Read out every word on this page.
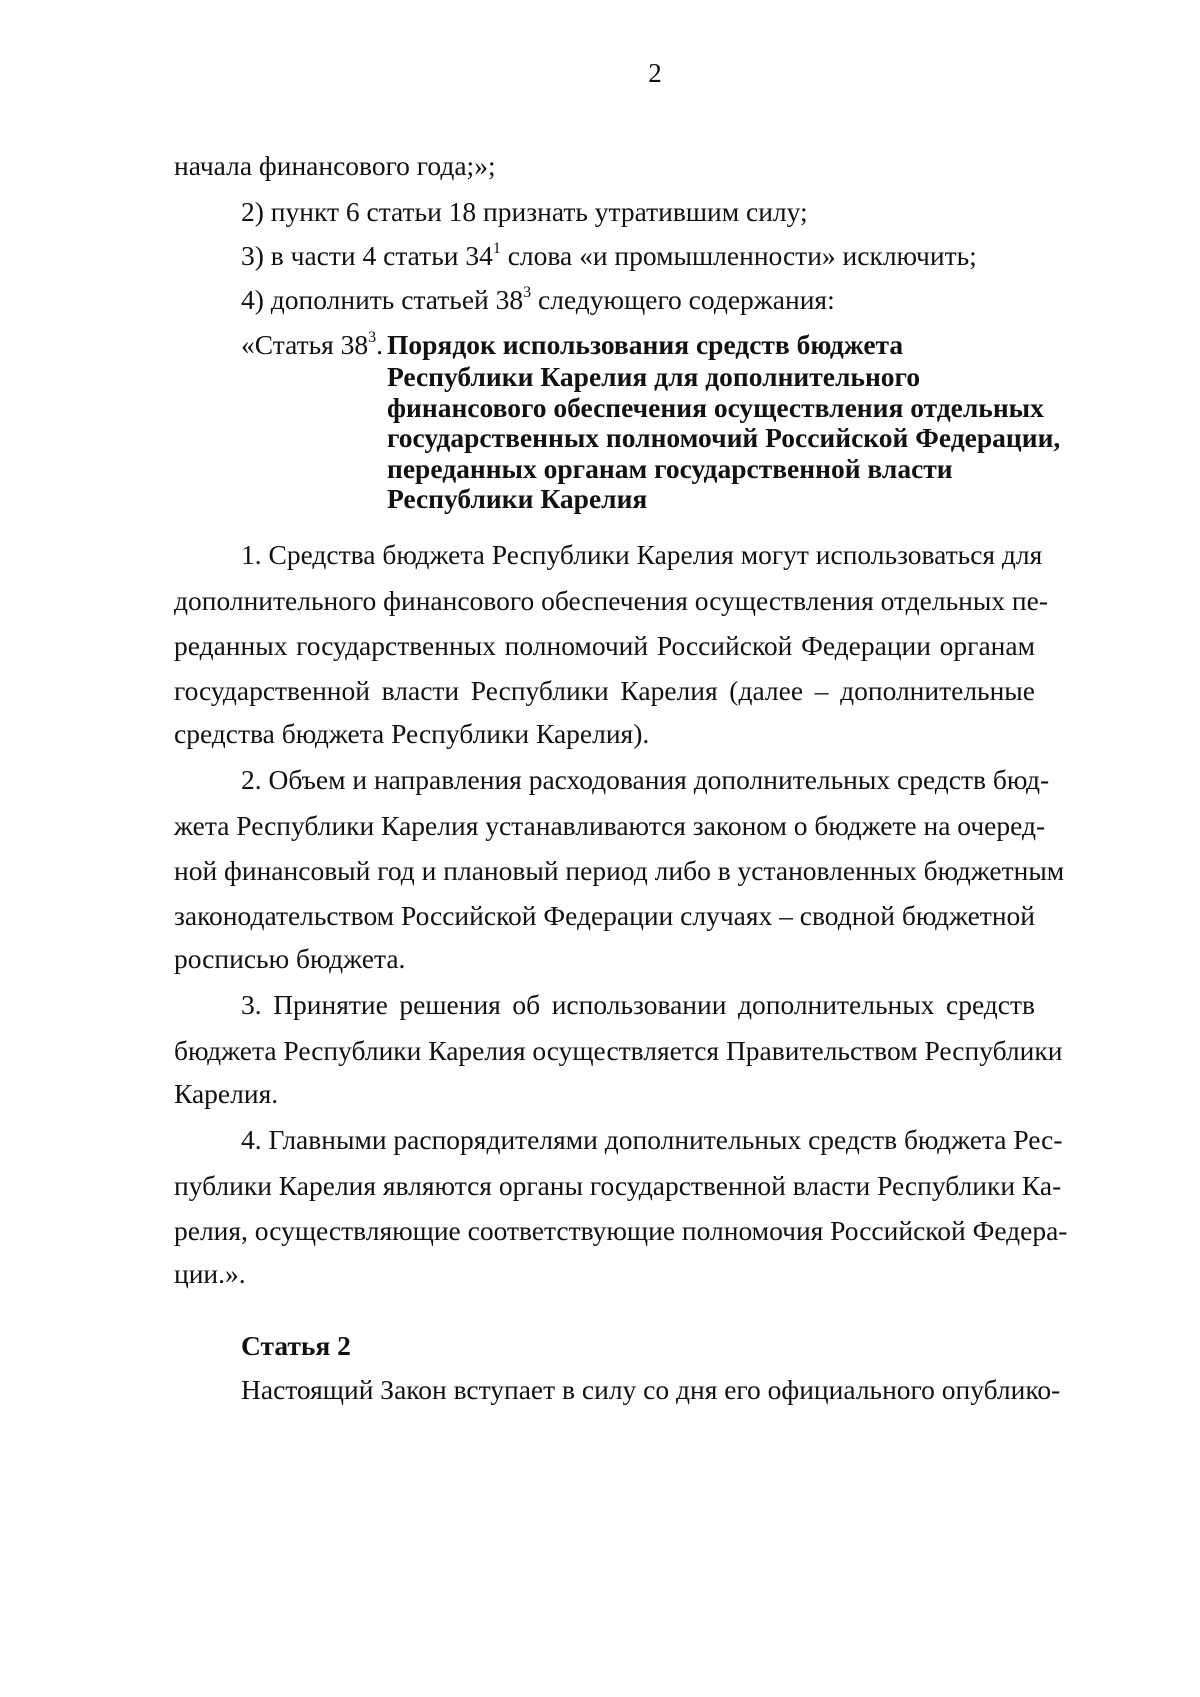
2
начала финансового года;»;
2) пункт 6 статьи 18 признать утратившим силу;
3) в части 4 статьи $34^1$ слова «и промышленности» исключить;
4) дополнить статьей $38^3$ следующего содержания:
«Статья $38^3$. Порядок использования средств бюджета
Республики Карелия для дополнительного
финансового обеспечения осуществления отдельных
государственных полномочий Российской Федерации,
переданных органам государственной власти
Республики Карелия
1. Средства бюджета Республики Карелия могут использоваться для
дополнительного финансового обеспечения осуществления отдельных пе-
реданных государственных полномочий Российской Федерации органам
государственной власти Республики Карелия (далее – дополнительные
средства бюджета Республики Карелия).
2. Объем и направления расходования дополнительных средств бюд-
жета Республики Карелия устанавливаются законом о бюджете на очеред-
ной финансовый год и плановый период либо в установленных бюджетным
законодательством Российской Федерации случаях – сводной бюджетной
росписью бюджета.
3. Принятие решения об использовании дополнительных средств
бюджета Республики Карелия осуществляется Правительством Республики
Карелия.
4. Главными распорядителями дополнительных средств бюджета Рес-
публики Карелия являются органы государственной власти Республики Ка-
релия, осуществляющие соответствующие полномочия Российской Федера-
ции.».
Статья 2
Настоящий Закон вступает в силу со дня его официального опублико-
